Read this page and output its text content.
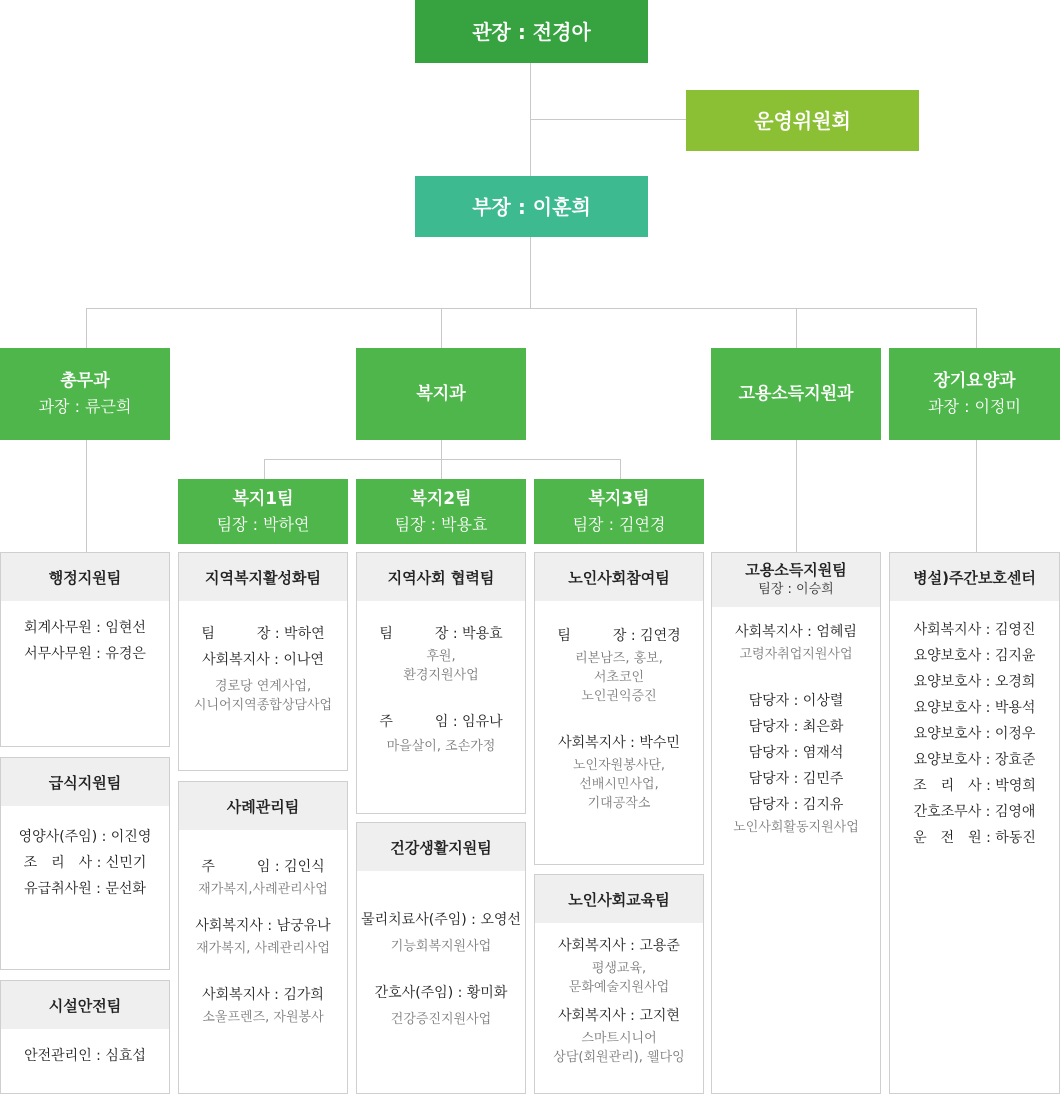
관장 : 전경아
운영위원회
부장 : 이훈희
총무과
과장 : 류근희
복지과	고용소득지원과
장기요양과
과장 : 이정미
복지1팀
팀장 : 박하연
복지2팀
팀장 : 박용효
복지3팀
팀장 : 김연경
행정지원팀
회계사무원 : 임현선
서무사무원 : 유경은
급식지원팀
영양사(주임) : 이진영
조　리　사 : 신민기
유급취사원 : 문선화
시설안전팀
안전관리인 : 심효섭
지역복지활성화팀
팀　　　장 : 박하연
사회복지사 : 이나연
경로당 연계사업,
시니어지역종합상담사업
사례관리팀
주　　　임 : 김인식
재가복지,사례관리사업
사회복지사 : 남궁유나
재가복지, 사례관리사업
사회복지사 : 김가희
소울프렌즈, 자원봉사
지역사회 협력팀
팀　　　장 : 박용효
후원,
환경지원사업
주　　　임 : 임유나
마을살이, 조손가정
건강생활지원팀
물리치료사(주임) : 오영선
기능회복지원사업
간호사(주임) : 황미화
건강증진지원사업
노인사회참여팀
팀　　　장 : 김연경
리본남즈, 홍보,
서초코인
노인권익증진
사회복지사 : 박수민
노인자원봉사단,
선배시민사업,
기대공작소
노인사회교육팀
사회복지사 : 고용준
평생교육,
문화예술지원사업
사회복지사 : 고지현
스마트시니어
상담(회원관리), 웰다잉
고용소득지원팀
팀장 : 이승희
사회복지사 : 엄혜림
고령자취업지원사업
담당자 : 이상렬
담당자 : 최은화
담당자 : 염재석
담당자 : 김민주
담당자 : 김지유
노인사회활동지원사업
병설)주간보호센터
사회복지사 : 김영진
요양보호사 : 김지윤
요양보호사 : 오경희
요양보호사 : 박용석
요양보호사 : 이정우
요양보호사 : 장효준
조　리　사 : 박영희
간호조무사 : 김영애
운　전　원 : 하동진
